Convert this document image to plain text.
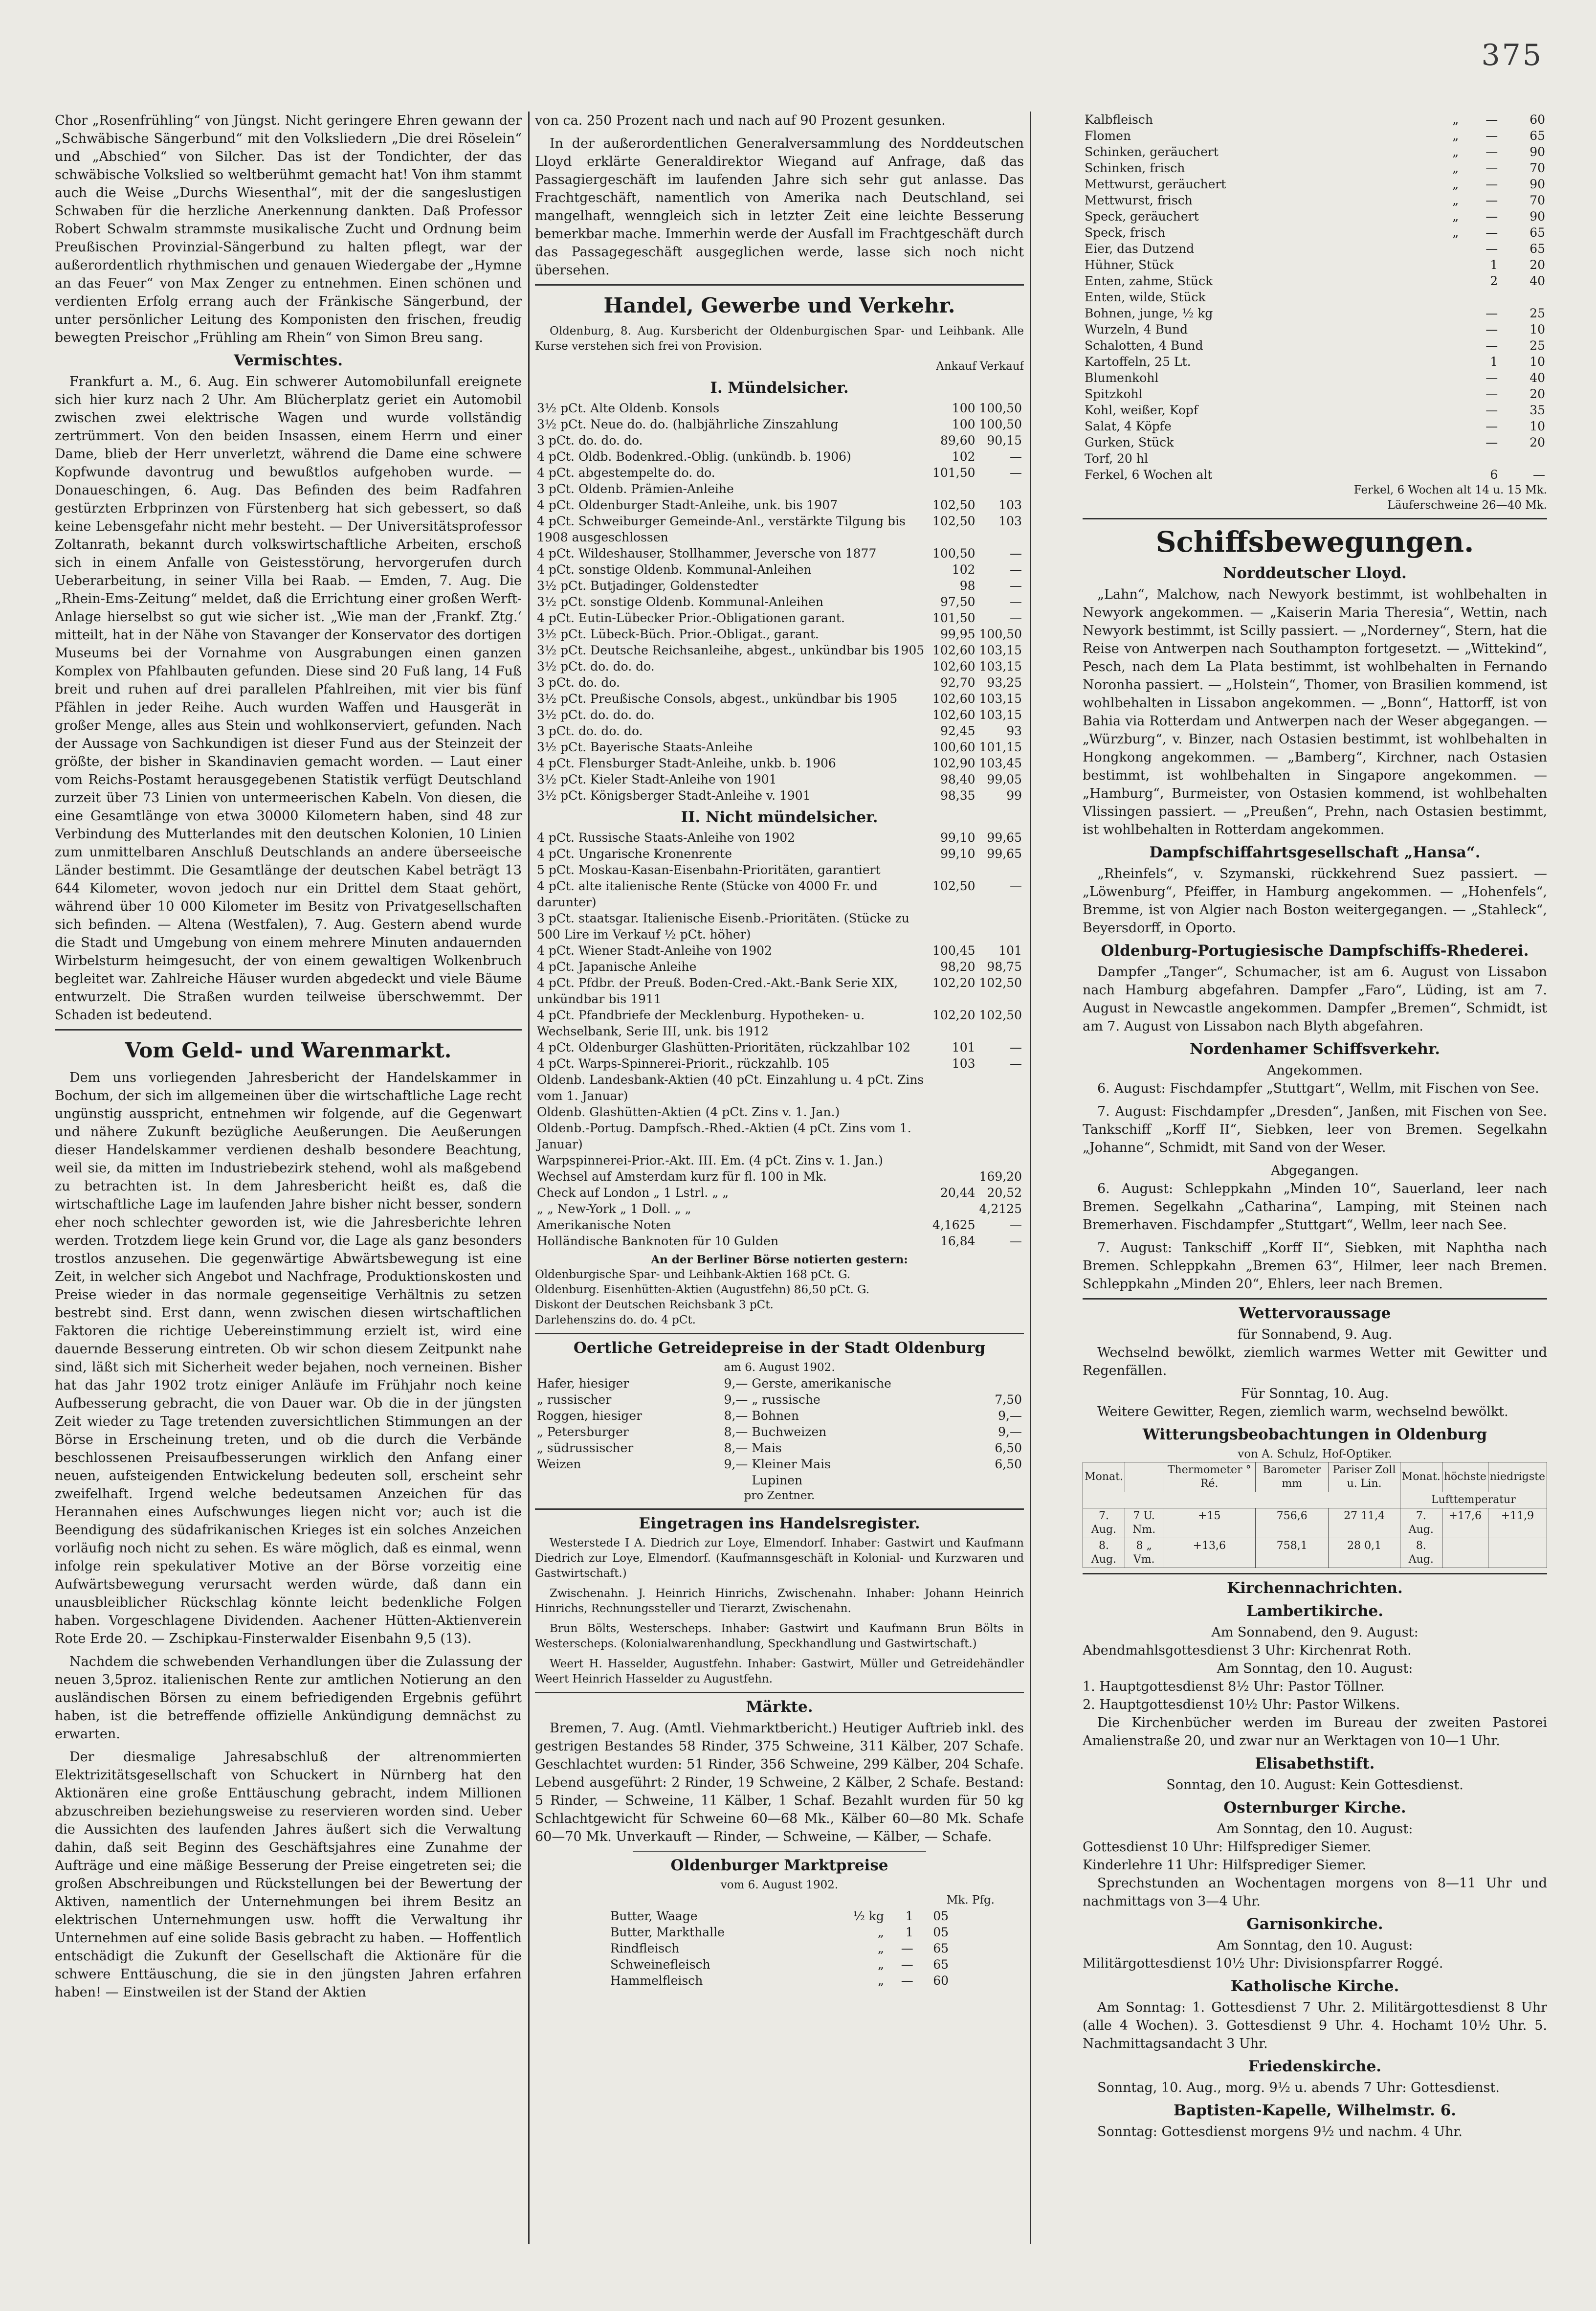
375

Chor „Rosenfrühling“ von Jüngst. Nicht geringere Ehren gewann der „Schwäbische Sängerbund“ mit den Volksliedern „Die drei Röselein“ und „Abschied“ von Silcher. Das ist der Tondichter, der das schwäbische Volkslied so weltberühmt gemacht hat! Von ihm stammt auch die Weise „Durchs Wiesenthal“, mit der die sangeslustigen Schwaben für die herzliche Anerkennung dankten. Daß Professor Robert Schwalm strammste musikalische Zucht und Ordnung beim Preußischen Provinzial-Sängerbund zu halten pflegt, war der außerordentlich rhythmischen und genauen Wiedergabe der „Hymne an das Feuer“ von Max Zenger zu entnehmen. Einen schönen und verdienten Erfolg errang auch der Fränkische Sängerbund, der unter persönlicher Leitung des Komponisten den frischen, freudig bewegten Preischor „Frühling am Rhein“ von Simon Breu sang.

Vermischtes.

Frankfurt a. M., 6. Aug. Ein schwerer Automobilunfall ereignete sich hier kurz nach 2 Uhr. Am Blücherplatz geriet ein Automobil zwischen zwei elektrische Wagen und wurde vollständig zertrümmert. Von den beiden Insassen, einem Herrn und einer Dame, blieb der Herr unverletzt, während die Dame eine schwere Kopfwunde davontrug und bewußtlos aufgehoben wurde. — Donaueschingen, 6. Aug. Das Befinden des beim Radfahren gestürzten Erbprinzen von Fürstenberg hat sich gebessert, so daß keine Lebensgefahr nicht mehr besteht. — Der Universitätsprofessor Zoltanrath, bekannt durch volkswirtschaftliche Arbeiten, erschoß sich in einem Anfalle von Geistesstörung, hervorgerufen durch Ueberarbeitung, in seiner Villa bei Raab. — Emden, 7. Aug. Die „Rhein-Ems-Zeitung“ meldet, daß die Errichtung einer großen Werft-Anlage hierselbst so gut wie sicher ist. „Wie man der ‚Frankf. Ztg.‘ mitteilt, hat in der Nähe von Stavanger der Konservator des dortigen Museums bei der Vornahme von Ausgrabungen einen ganzen Komplex von Pfahlbauten gefunden. Diese sind 20 Fuß lang, 14 Fuß breit und ruhen auf drei parallelen Pfahlreihen, mit vier bis fünf Pfählen in jeder Reihe. Auch wurden Waffen und Hausgerät in großer Menge, alles aus Stein und wohlkonserviert, gefunden. Nach der Aussage von Sachkundigen ist dieser Fund aus der Steinzeit der größte, der bisher in Skandinavien gemacht worden. — Laut einer vom Reichs-Postamt herausgegebenen Statistik verfügt Deutschland zurzeit über 73 Linien von untermeerischen Kabeln. Von diesen, die eine Gesamtlänge von etwa 30000 Kilometern haben, sind 48 zur Verbindung des Mutterlandes mit den deutschen Kolonien, 10 Linien zum unmittelbaren Anschluß Deutschlands an andere überseeische Länder bestimmt. Die Gesamtlänge der deutschen Kabel beträgt 13 644 Kilometer, wovon jedoch nur ein Drittel dem Staat gehört, während über 10 000 Kilometer im Besitz von Privatgesellschaften sich befinden. — Altena (Westfalen), 7. Aug. Gestern abend wurde die Stadt und Umgebung von einem mehrere Minuten andauernden Wirbelsturm heimgesucht, der von einem gewaltigen Wolkenbruch begleitet war. Zahlreiche Häuser wurden abgedeckt und viele Bäume entwurzelt. Die Straßen wurden teilweise überschwemmt. Der Schaden ist bedeutend.

Vom Geld- und Warenmarkt.

Dem uns vorliegenden Jahresbericht der Handelskammer in Bochum, der sich im allgemeinen über die wirtschaftliche Lage recht ungünstig ausspricht, entnehmen wir folgende, auf die Gegenwart und nähere Zukunft bezügliche Aeußerungen. Die Aeußerungen dieser Handelskammer verdienen deshalb besondere Beachtung, weil sie, da mitten im Industriebezirk stehend, wohl als maßgebend zu betrachten ist. In dem Jahresbericht heißt es, daß die wirtschaftliche Lage im laufenden Jahre bisher nicht besser, sondern eher noch schlechter geworden ist, wie die Jahresberichte lehren werden. Trotzdem liege kein Grund vor, die Lage als ganz besonders trostlos anzusehen. Die gegenwärtige Abwärtsbewegung ist eine Zeit, in welcher sich Angebot und Nachfrage, Produktionskosten und Preise wieder in das normale gegenseitige Verhältnis zu setzen bestrebt sind. Erst dann, wenn zwischen diesen wirtschaftlichen Faktoren die richtige Uebereinstimmung erzielt ist, wird eine dauernde Besserung eintreten. Ob wir schon diesem Zeitpunkt nahe sind, läßt sich mit Sicherheit weder bejahen, noch verneinen. Bisher hat das Jahr 1902 trotz einiger Anläufe im Frühjahr noch keine Aufbesserung gebracht, die von Dauer war. Ob die in der jüngsten Zeit wieder zu Tage tretenden zuversichtlichen Stimmungen an der Börse in Erscheinung treten, und ob die durch die Verbände beschlossenen Preisaufbesserungen wirklich den Anfang einer neuen, aufsteigenden Entwickelung bedeuten soll, erscheint sehr zweifelhaft. Irgend welche bedeutsamen Anzeichen für das Herannahen eines Aufschwunges liegen nicht vor; auch ist die Beendigung des südafrikanischen Krieges ist ein solches Anzeichen vorläufig noch nicht zu sehen. Es wäre möglich, daß es einmal, wenn infolge rein spekulativer Motive an der Börse vorzeitig eine Aufwärtsbewegung verursacht werden würde, daß dann ein unausbleiblicher Rückschlag könnte leicht bedenkliche Folgen haben. Vorgeschlagene Dividenden. Aachener Hütten-Aktienverein Rote Erde 20. — Zschipkau-Finsterwalder Eisenbahn 9,5 (13).

Nachdem die schwebenden Verhandlungen über die Zulassung der neuen 3,5proz. italienischen Rente zur amtlichen Notierung an den ausländischen Börsen zu einem befriedigenden Ergebnis geführt haben, ist die betreffende offizielle Ankündigung demnächst zu erwarten.

Der diesmalige Jahresabschluß der altrenommierten Elektrizitätsgesellschaft von Schuckert in Nürnberg hat den Aktionären eine große Enttäuschung gebracht, indem Millionen abzuschreiben beziehungsweise zu reservieren worden sind. Ueber die Aussichten des laufenden Jahres äußert sich die Verwaltung dahin, daß seit Beginn des Geschäftsjahres eine Zunahme der Aufträge und eine mäßige Besserung der Preise eingetreten sei; die großen Abschreibungen und Rückstellungen bei der Bewertung der Aktiven, namentlich der Unternehmungen bei ihrem Besitz an elektrischen Unternehmungen usw. hofft die Verwaltung ihr Unternehmen auf eine solide Basis gebracht zu haben. — Hoffentlich entschädigt die Zukunft der Gesellschaft die Aktionäre für die schwere Enttäuschung, die sie in den jüngsten Jahren erfahren haben! — Einstweilen ist der Stand der Aktien

von ca. 250 Prozent nach und nach auf 90 Prozent gesunken.

In der außerordentlichen Generalversammlung des Norddeutschen Lloyd erklärte Generaldirektor Wiegand auf Anfrage, daß das Passagiergeschäft im laufenden Jahre sich sehr gut anlasse. Das Frachtgeschäft, namentlich von Amerika nach Deutschland, sei mangelhaft, wenngleich sich in letzter Zeit eine leichte Besserung bemerkbar mache. Immerhin werde der Ausfall im Frachtgeschäft durch das Passagegeschäft ausgeglichen werde, lasse sich noch nicht übersehen.

Handel, Gewerbe und Verkehr.

Oldenburg, 8. Aug. Kursbericht der Oldenburgischen Spar- und Leihbank. Alle Kurse verstehen sich frei von Provision.

Ankauf Verkauf
I. Mündelsicher.
3½ pCt. Alte Oldenb. Konsols	100	100,50
3½ pCt. Neue do. do. (halbjährliche Zinszahlung	100	100,50
3 pCt. do. do. do.	89,60	90,15
4 pCt. Oldb. Bodenkred.-Oblig. (unkündb. b. 1906)	102	—
4 pCt. abgestempelte do. do.	101,50	—
3 pCt. Oldenb. Prämien-Anleihe		
4 pCt. Oldenburger Stadt-Anleihe, unk. bis 1907	102,50	103
4 pCt. Schweiburger Gemeinde-Anl., verstärkte Tilgung bis 1908 ausgeschlossen	102,50	103
4 pCt. Wildeshauser, Stollhammer, Jeversche von 1877	100,50	—
4 pCt. sonstige Oldenb. Kommunal-Anleihen	102	—
3½ pCt. Butjadinger, Goldenstedter	98	—
3½ pCt. sonstige Oldenb. Kommunal-Anleihen	97,50	—
4 pCt. Eutin-Lübecker Prior.-Obligationen garant.	101,50	—
3½ pCt. Lübeck-Büch. Prior.-Obligat., garant.	99,95	100,50
3½ pCt. Deutsche Reichsanleihe, abgest., unkündbar bis 1905	102,60	103,15
3½ pCt. do. do. do.	102,60	103,15
3 pCt. do. do.	92,70	93,25
3½ pCt. Preußische Consols, abgest., unkündbar bis 1905	102,60	103,15
3½ pCt. do. do. do.	102,60	103,15
3 pCt. do. do. do.	92,45	93
3½ pCt. Bayerische Staats-Anleihe	100,60	101,15
4 pCt. Flensburger Stadt-Anleihe, unkb. b. 1906	102,90	103,45
3½ pCt. Kieler Stadt-Anleihe von 1901	98,40	99,05
3½ pCt. Königsberger Stadt-Anleihe v. 1901	98,35	99
II. Nicht mündelsicher.
4 pCt. Russische Staats-Anleihe von 1902	99,10	99,65
4 pCt. Ungarische Kronenrente	99,10	99,65
5 pCt. Moskau-Kasan-Eisenbahn-Prioritäten, garantiert		
4 pCt. alte italienische Rente (Stücke von 4000 Fr. und darunter)	102,50	—
3 pCt. staatsgar. Italienische Eisenb.-Prioritäten. (Stücke zu 500 Lire im Verkauf ½ pCt. höher)		
4 pCt. Wiener Stadt-Anleihe von 1902	100,45	101
4 pCt. Japanische Anleihe	98,20	98,75
4 pCt. Pfdbr. der Preuß. Boden-Cred.-Akt.-Bank Serie XIX, unkündbar bis 1911	102,20	102,50
4 pCt. Pfandbriefe der Mecklenburg. Hypotheken- u. Wechselbank, Serie III, unk. bis 1912	102,20	102,50
4 pCt. Oldenburger Glashütten-Prioritäten, rückzahlbar 102	101	—
4 pCt. Warps-Spinnerei-Priorit., rückzahlb. 105	103	—
Oldenb. Landesbank-Aktien (40 pCt. Einzahlung u. 4 pCt. Zins vom 1. Januar)		
Oldenb. Glashütten-Aktien (4 pCt. Zins v. 1. Jan.)		
Oldenb.-Portug. Dampfsch.-Rhed.-Aktien (4 pCt. Zins vom 1. Januar)		
Warpspinnerei-Prior.-Akt. III. Em. (4 pCt. Zins v. 1. Jan.)		
Wechsel auf Amsterdam kurz für fl. 100 in Mk.		169,20
Check auf London „ 1 Lstrl. „ „	20,44	20,52
„ „ New-York „ 1 Doll. „ „		4,2125
Amerikanische Noten	4,1625	—
Holländische Banknoten für 10 Gulden	16,84	—
An der Berliner Börse notierten gestern:
Oldenburgische Spar- und Leihbank-Aktien 168 pCt. G.
Oldenburg. Eisenhütten-Aktien (Augustfehn) 86,50 pCt. G.
Diskont der Deutschen Reichsbank 3 pCt.
Darlehenszins do. do. 4 pCt.
Oertliche Getreidepreise in der Stadt Oldenburg
am 6. August 1902.
Hafer, hiesiger	9,—	Gerste, amerikanische	
„ russischer	9,—	„ russische	7,50
Roggen, hiesiger	8,—	Bohnen	9,—
„ Petersburger	8,—	Buchweizen	9,—
„ südrussischer	8,—	Mais	6,50
Weizen	9,—	Kleiner Mais	6,50
		Lupinen	
pro Zentner.
Eingetragen ins Handelsregister.

Westerstede I A. Diedrich zur Loye, Elmendorf. Inhaber: Gastwirt und Kaufmann Diedrich zur Loye, Elmendorf. (Kaufmannsgeschäft in Kolonial- und Kurzwaren und Gastwirtschaft.)

Zwischenahn. J. Heinrich Hinrichs, Zwischenahn. Inhaber: Johann Heinrich Hinrichs, Rechnungssteller und Tierarzt, Zwischenahn.

Brun Bölts, Westerscheps. Inhaber: Gastwirt und Kaufmann Brun Bölts in Westerscheps. (Kolonialwarenhandlung, Speckhandlung und Gastwirtschaft.)

Weert H. Hasselder, Augustfehn. Inhaber: Gastwirt, Müller und Getreidehändler Weert Heinrich Hasselder zu Augustfehn.

Märkte.

Bremen, 7. Aug. (Amtl. Viehmarktbericht.) Heutiger Auftrieb inkl. des gestrigen Bestandes 58 Rinder, 375 Schweine, 311 Kälber, 207 Schafe. Geschlachtet wurden: 51 Rinder, 356 Schweine, 299 Kälber, 204 Schafe. Lebend ausgeführt: 2 Rinder, 19 Schweine, 2 Kälber, 2 Schafe. Bestand: 5 Rinder, — Schweine, 11 Kälber, 1 Schaf. Bezahlt wurden für 50 kg Schlachtgewicht für Schweine 60—68 Mk., Kälber 60—80 Mk. Schafe 60—70 Mk. Unverkauft — Rinder, — Schweine, — Kälber, — Schafe.

Oldenburger Marktpreise
vom 6. August 1902.
Mk. Pfg.
Butter, Waage	½ kg	1	05
Butter, Markthalle	„	1	05
Rindfleisch	„	—	65
Schweinefleisch	„	—	65
Hammelfleisch	„	—	60
Kalbfleisch	„	—	60
Flomen	„	—	65
Schinken, geräuchert	„	—	90
Schinken, frisch	„	—	70
Mettwurst, geräuchert	„	—	90
Mettwurst, frisch	„	—	70
Speck, geräuchert	„	—	90
Speck, frisch	„	—	65
Eier, das Dutzend		—	65
Hühner, Stück		1	20
Enten, zahme, Stück		2	40
Enten, wilde, Stück			
Bohnen, junge, ½ kg		—	25
Wurzeln, 4 Bund		—	10
Schalotten, 4 Bund		—	25
Kartoffeln, 25 Lt.		1	10
Blumenkohl		—	40
Spitzkohl		—	20
Kohl, weißer, Kopf		—	35
Salat, 4 Köpfe		—	10
Gurken, Stück		—	20
Torf, 20 hl			
Ferkel, 6 Wochen alt		6	—
Ferkel, 6 Wochen alt 14 u. 15 Mk.
Läuferschweine 26—40 Mk.
Schiffsbewegungen.
Norddeutscher Lloyd.

„Lahn“, Malchow, nach Newyork bestimmt, ist wohlbehalten in Newyork angekommen. — „Kaiserin Maria Theresia“, Wettin, nach Newyork bestimmt, ist Scilly passiert. — „Norderney“, Stern, hat die Reise von Antwerpen nach Southampton fortgesetzt. — „Wittekind“, Pesch, nach dem La Plata bestimmt, ist wohlbehalten in Fernando Noronha passiert. — „Holstein“, Thomer, von Brasilien kommend, ist wohlbehalten in Lissabon angekommen. — „Bonn“, Hattorff, ist von Bahia via Rotterdam und Antwerpen nach der Weser abgegangen. — „Würzburg“, v. Binzer, nach Ostasien bestimmt, ist wohlbehalten in Hongkong angekommen. — „Bamberg“, Kirchner, nach Ostasien bestimmt, ist wohlbehalten in Singapore angekommen. — „Hamburg“, Burmeister, von Ostasien kommend, ist wohlbehalten Vlissingen passiert. — „Preußen“, Prehn, nach Ostasien bestimmt, ist wohlbehalten in Rotterdam angekommen.

Dampfschiffahrtsgesellschaft „Hansa“.

„Rheinfels“, v. Szymanski, rückkehrend Suez passiert. — „Löwenburg“, Pfeiffer, in Hamburg angekommen. — „Hohenfels“, Bremme, ist von Algier nach Boston weitergegangen. — „Stahleck“, Beyersdorff, in Oporto.

Oldenburg-Portugiesische Dampfschiffs-Rhederei.

Dampfer „Tanger“, Schumacher, ist am 6. August von Lissabon nach Hamburg abgefahren. Dampfer „Faro“, Lüding, ist am 7. August in Newcastle angekommen. Dampfer „Bremen“, Schmidt, ist am 7. August von Lissabon nach Blyth abgefahren.

Nordenhamer Schiffsverkehr.
Angekommen.

6. August: Fischdampfer „Stuttgart“, Wellm, mit Fischen von See.

7. August: Fischdampfer „Dresden“, Janßen, mit Fischen von See. Tankschiff „Korff II“, Siebken, leer von Bremen. Segelkahn „Johanne“, Schmidt, mit Sand von der Weser.

Abgegangen.

6. August: Schleppkahn „Minden 10“, Sauerland, leer nach Bremen. Segelkahn „Catharina“, Lamping, mit Steinen nach Bremerhaven. Fischdampfer „Stuttgart“, Wellm, leer nach See.

7. August: Tankschiff „Korff II“, Siebken, mit Naphtha nach Bremen. Schleppkahn „Bremen 63“, Hilmer, leer nach Bremen. Schleppkahn „Minden 20“, Ehlers, leer nach Bremen.

Wettervoraussage
für Sonnabend, 9. Aug.

Wechselnd bewölkt, ziemlich warmes Wetter mit Gewitter und Regenfällen.

Für Sonntag, 10. Aug.

Weitere Gewitter, Regen, ziemlich warm, wechselnd bewölkt.

Witterungsbeobachtungen in Oldenburg
von A. Schulz, Hof-Optiker.
Monat.		Thermometer ° Ré.	Barometer mm	Pariser Zoll u. Lin.	Monat.	höchste	niedrigste
					Lufttemperatur		
7. Aug.	7 U. Nm.	+15	756,6	27 11,4	7. Aug.	+17,6	+11,9
8. Aug.	8 „ Vm.	+13,6	758,1	28 0,1	8. Aug.		
Kirchennachrichten.
Lambertikirche.
Am Sonnabend, den 9. August:
Abendmahlsgottesdienst 3 Uhr: Kirchenrat Roth.
Am Sonntag, den 10. August:
1. Hauptgottesdienst 8½ Uhr: Pastor Töllner.
2. Hauptgottesdienst 10½ Uhr: Pastor Wilkens.

Die Kirchenbücher werden im Bureau der zweiten Pastorei Amalienstraße 20, und zwar nur an Werktagen von 10—1 Uhr.

Elisabethstift.
Sonntag, den 10. August: Kein Gottesdienst.
Osternburger Kirche.
Am Sonntag, den 10. August:
Gottesdienst 10 Uhr: Hilfsprediger Siemer.
Kinderlehre 11 Uhr: Hilfsprediger Siemer.

Sprechstunden an Wochentagen morgens von 8—11 Uhr und nachmittags von 3—4 Uhr.

Garnisonkirche.
Am Sonntag, den 10. August:
Militärgottesdienst 10½ Uhr: Divisionspfarrer Roggé.
Katholische Kirche.

Am Sonntag: 1. Gottesdienst 7 Uhr. 2. Militärgottesdienst 8 Uhr (alle 4 Wochen). 3. Gottesdienst 9 Uhr. 4. Hochamt 10½ Uhr. 5. Nachmittagsandacht 3 Uhr.

Friedenskirche.

Sonntag, 10. Aug., morg. 9½ u. abends 7 Uhr: Gottesdienst.

Baptisten-Kapelle, Wilhelmstr. 6.

Sonntag: Gottesdienst morgens 9½ und nachm. 4 Uhr.
